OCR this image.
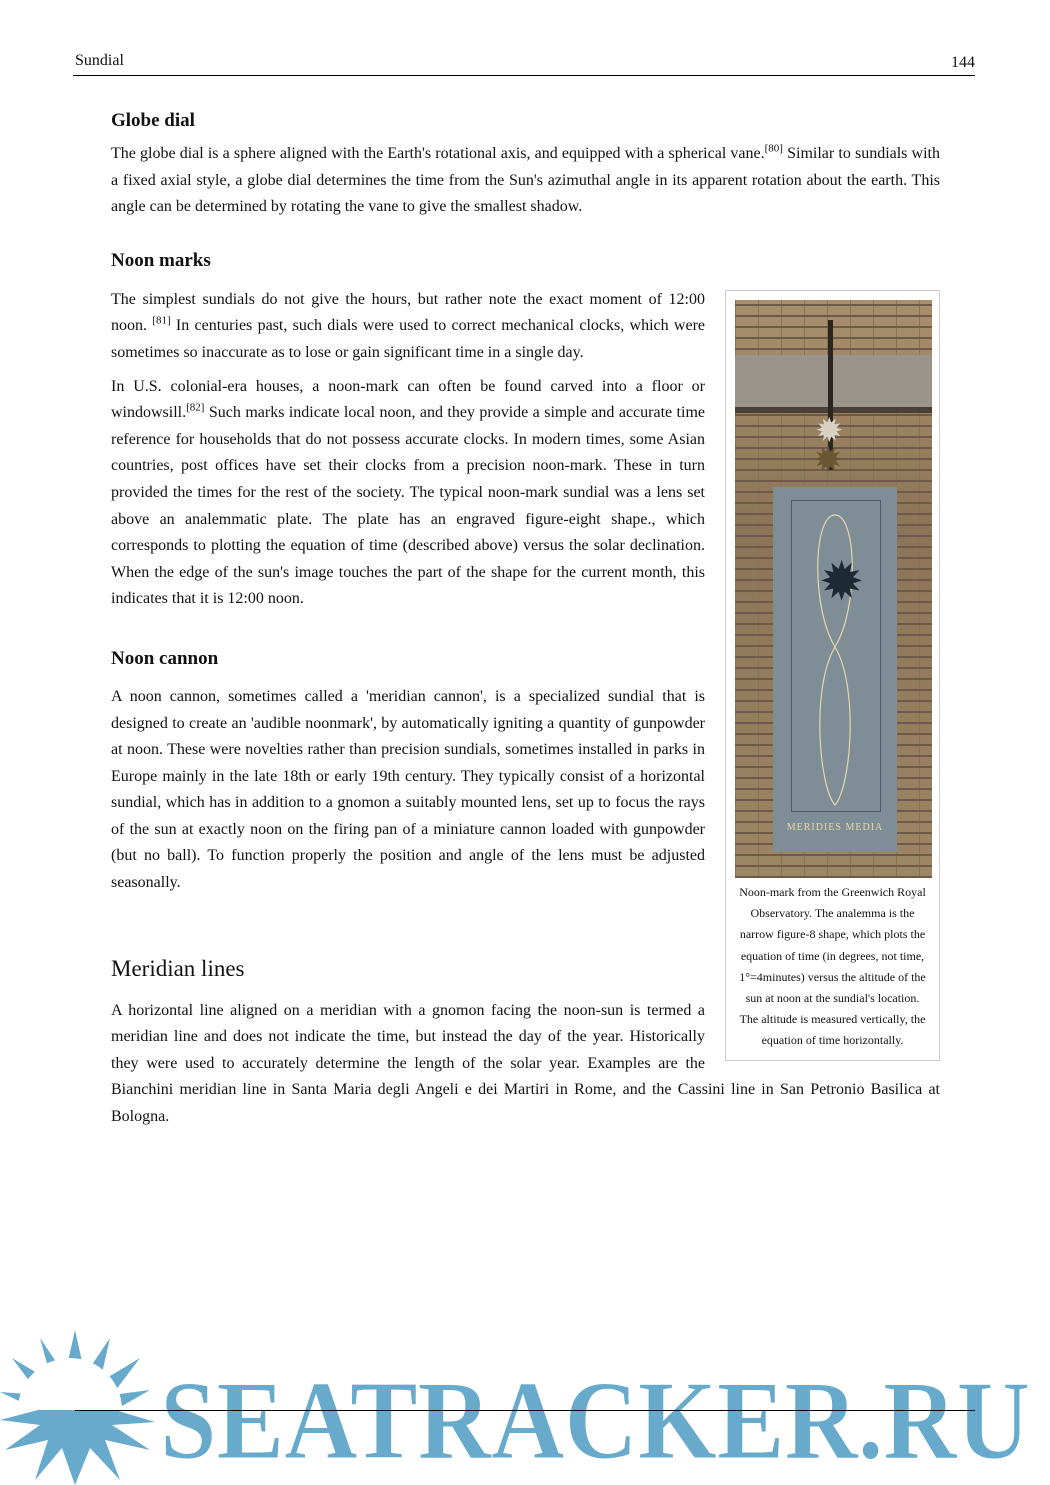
Sundial	144
✹
✹
MERIDIES MEDIA
✹
Noon-mark from the Greenwich Royal Observatory. The analemma is the narrow figure-8 shape, which plots the equation of time (in degrees, not time, 1°=4minutes) versus the altitude of the sun at noon at the sundial's location. The altitude is measured vertically, the equation of time horizontally.
Globe dial

The globe dial is a sphere aligned with the Earth's rotational axis, and equipped with a spherical vane.[80] Similar to sundials with a fixed axial style, a globe dial determines the time from the Sun's azimuthal angle in its apparent rotation about the earth. This angle can be determined by rotating the vane to give the smallest shadow.

Noon marks

The simplest sundials do not give the hours, but rather note the exact moment of 12:00 noon. [81] In centuries past, such dials were used to correct mechanical clocks, which were sometimes so inaccurate as to lose or gain significant time in a single day.

In U.S. colonial-era houses, a noon-mark can often be found carved into a floor or windowsill.[82] Such marks indicate local noon, and they provide a simple and accurate time reference for households that do not possess accurate clocks. In modern times, some Asian countries, post offices have set their clocks from a precision noon-mark. These in turn provided the times for the rest of the society. The typical noon-mark sundial was a lens set above an analemmatic plate. The plate has an engraved figure-eight shape., which corresponds to plotting the equation of time (described above) versus the solar declination. When the edge of the sun's image touches the part of the shape for the current month, this indicates that it is 12:00 noon.

Noon cannon

A noon cannon, sometimes called a 'meridian cannon', is a specialized sundial that is designed to create an 'audible noonmark', by automatically igniting a quantity of gunpowder at noon. These were novelties rather than precision sundials, sometimes installed in parks in Europe mainly in the late 18th or early 19th century. They typically consist of a horizontal sundial, which has in addition to a gnomon a suitably mounted lens, set up to focus the rays of the sun at exactly noon on the firing pan of a miniature cannon loaded with gunpowder (but no ball). To function properly the position and angle of the lens must be adjusted seasonally.

Meridian lines

A horizontal line aligned on a meridian with a gnomon facing the noon-sun is termed a meridian line and does not indicate the time, but instead the day of the year. Historically they were used to accurately determine the length of the solar year. Examples are the Bianchini meridian line in Santa Maria degli Angeli e dei Martiri in Rome, and the Cassini line in San Petronio Basilica at Bologna.

SEATRACKER.RU
